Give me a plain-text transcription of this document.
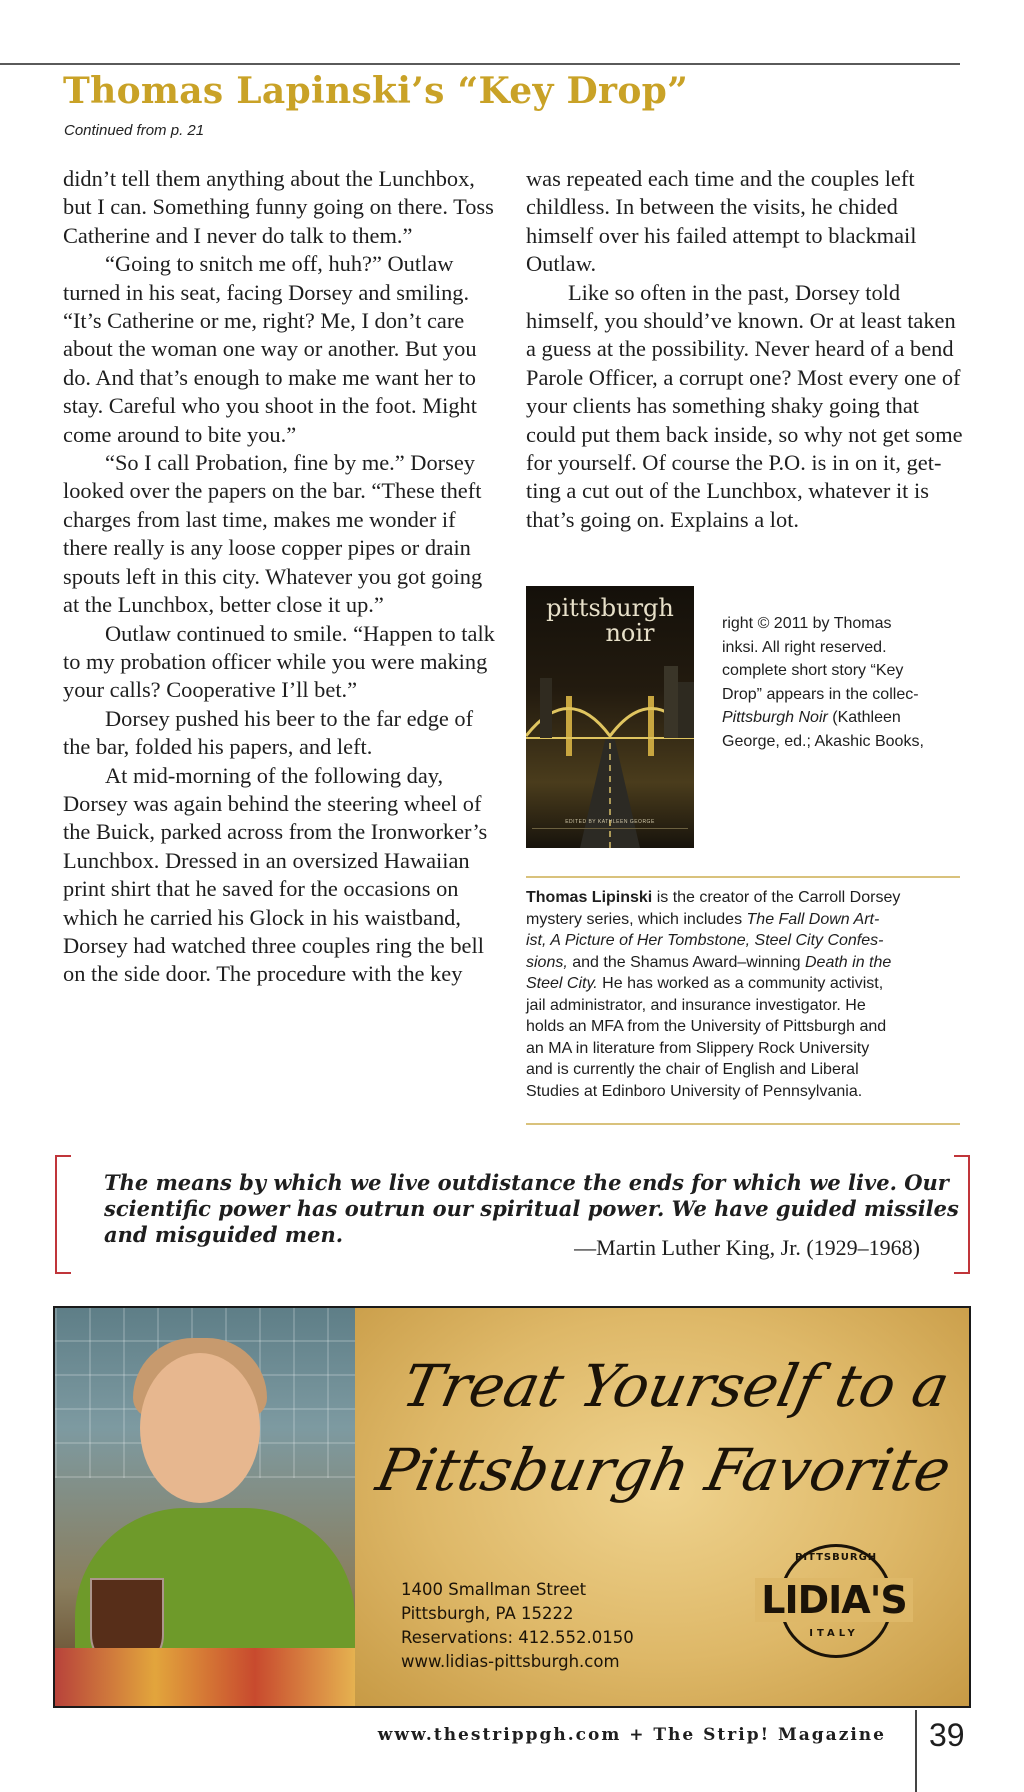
Thomas Lapinski’s “Key Drop”
Continued from p. 21

didn’t tell them anything about the Lunchbox, but I can. Something funny going on there. Toss Catherine and I never do talk to them.”

“Going to snitch me off, huh?” Outlaw turned in his seat, facing Dorsey and smiling. “It’s Catherine or me, right? Me, I don’t care about the woman one way or another. But you do. And that’s enough to make me want her to stay. Careful who you shoot in the foot. Might come around to bite you.”

“So I call Probation, fine by me.” Dorsey looked over the papers on the bar. “These theft charges from last time, makes me wonder if there really is any loose copper pipes or drain spouts left in this city. Whatever you got going at the Lunchbox, better close it up.”

Outlaw continued to smile. “Happen to talk to my probation officer while you were making your calls? Cooperative I’ll bet.”

Dorsey pushed his beer to the far edge of the bar, folded his papers, and left.

At mid-morning of the following day, Dorsey was again behind the steering wheel of the Buick, parked across from the Ironworker’s Lunchbox. Dressed in an oversized Hawaiian print shirt that he saved for the occasions on which he carried his Glock in his waistband, Dorsey had watched three couples ring the bell on the side door. The procedure with the key

was repeated each time and the couples left childless. In between the visits, he chided himself over his failed attempt to blackmail Outlaw.

Like so often in the past, Dorsey told himself, you should’ve known. Or at least taken a guess at the possibility. Never heard of a bend Parole Officer, a corrupt one? Most every one of your clients has something shaky going that could put them back inside, so why not get some for yourself. Of course the P.O. is in on it, getting a cut out of the Lunchbox, whatever it is that’s going on. Explains a lot.

pittsburgh
noir
EDITED BY KATHLEEN GEORGE
right © 2011 by Thomas
inksi. All right reserved.
complete short story “Key
Drop” appears in the collec-
Pittsburgh Noir (Kathleen
George, ed.; Akashic Books,
Thomas Lipinski is the creator of the Carroll Dorsey
mystery series, which includes The Fall Down Art-
ist, A Picture of Her Tombstone, Steel City Confes-
sions, and the Shamus Award–winning Death in the
Steel City. He has worked as a community activist,
jail administrator, and insurance investigator. He
holds an MFA from the University of Pittsburgh and
an MA in literature from Slippery Rock University
and is currently the chair of English and Liberal
Studies at Edinboro University of Pennsylvania.
The means by which we live outdistance the ends for which we live. Our
scientific power has outrun our spiritual power. We have guided missiles
and misguided men.
—Martin Luther King, Jr. (1929–1968)
Treat Yourself to a
Pittsburgh Favorite
1400 Smallman Street
Pittsburgh, PA 15222
Reservations: 412.552.0150
www.lidias-pittsburgh.com
PITTSBURGH
LIDIA'S
ITALY
www.thestrippgh.com + The Strip! Magazine 39
